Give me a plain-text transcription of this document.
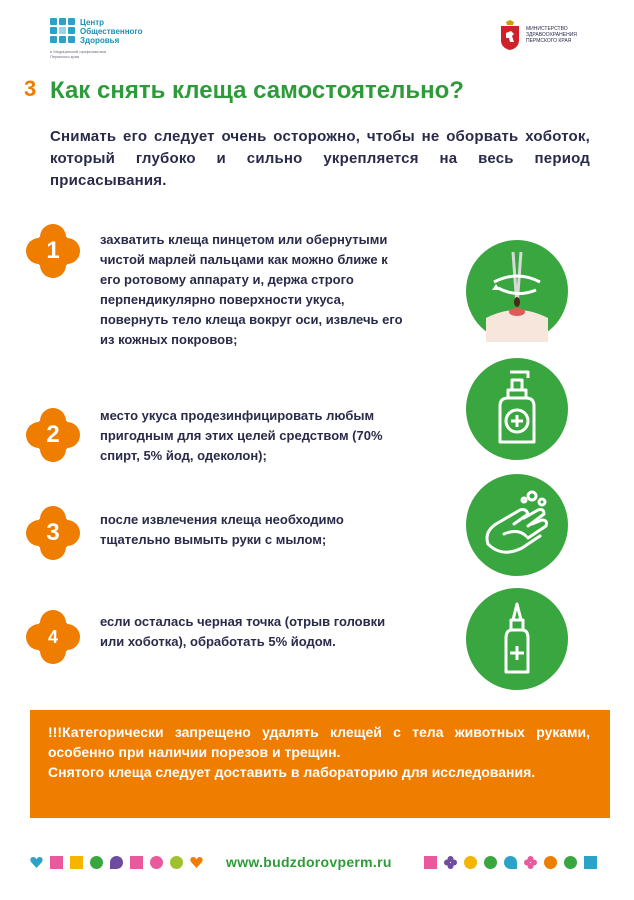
Центр
Общественного
Здоровья
и Медицинской профилактики Пермского края
МИНИСТЕРСТВО ЗДРАВООХРАНЕНИЯ ПЕРМСКОГО КРАЯ
3 Как снять клеща самостоятельно?
Снимать его следует очень осторожно, чтобы не оборвать хоботок, который глубоко и сильно укрепляется на весь период присасывания.
1	захватить клеща пинцетом или обернутыми чистой марлей пальцами как можно ближе к его ротовому аппарату и, держа строго перпендикулярно поверхности укуса, повернуть тело клеща вокруг оси, извлечь его из кожных покровов;
2
место укуса продезинфицировать любым пригодным для этих целей средством (70% спирт, 5% йод, одеколон);
3	после извлечения клеща необходимо тщательно вымыть руки с мылом;
4
если осталась черная точка (отрыв головки или хоботка), обработать 5% йодом.

!!!Категорически запрещено удалять клещей с тела животных руками, особенно при наличии порезов и трещин.

Снятого клеща следует доставить в лабораторию для исследования.

www.budzdorovperm.ru
